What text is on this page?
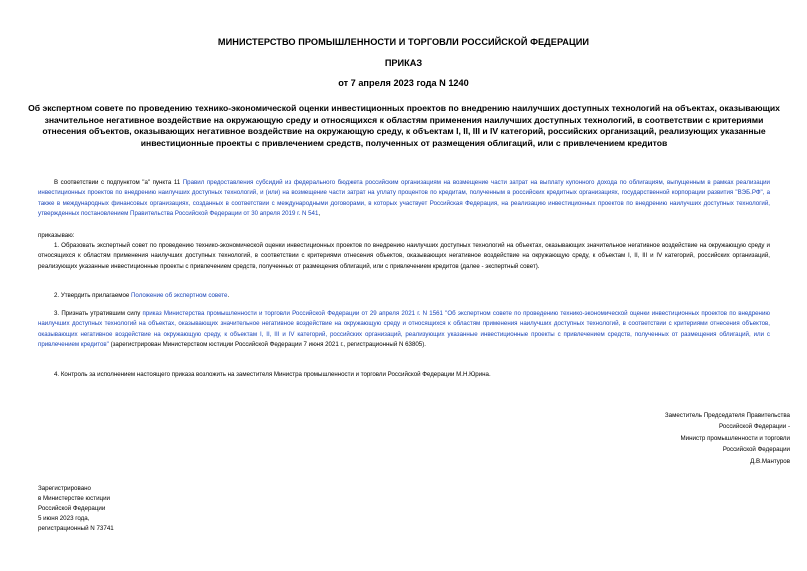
МИНИСТЕРСТВО ПРОМЫШЛЕННОСТИ И ТОРГОВЛИ РОССИЙСКОЙ ФЕДЕРАЦИИ
ПРИКАЗ
от 7 апреля 2023 года N 1240
Об экспертном совете по проведению технико-экономической оценки инвестиционных проектов по внедрению наилучших доступных технологий на объектах, оказывающих значительное негативное воздействие на окружающую среду и относящихся к областям применения наилучших доступных технологий, в соответствии с критериями отнесения объектов, оказывающих негативное воздействие на окружающую среду, к объектам I, II, III и IV категорий, российских организаций, реализующих указанные инвестиционные проекты с привлечением средств, полученных от размещения облигаций, или с привлечением кредитов
В соответствии с подпунктом "а" пункта 11 Правил предоставления субсидий из федерального бюджета российским организациям на возмещение части затрат на выплату купонного дохода по облигациям, выпущенным в рамках реализации инвестиционных проектов по внедрению наилучших доступных технологий, и (или) на возмещение части затрат на уплату процентов по кредитам, полученным в российских кредитных организациях, государственной корпорации развития "ВЭБ.РФ", а также в международных финансовых организациях, созданных в соответствии с международными договорами, в которых участвует Российская Федерация, на реализацию инвестиционных проектов по внедрению наилучших доступных технологий, утвержденных постановлением Правительства Российской Федерации от 30 апреля 2019 г. N 541,
приказываю:
1. Образовать экспертный совет по проведению технико-экономической оценки инвестиционных проектов по внедрению наилучших доступных технологий на объектах, оказывающих значительное негативное воздействие на окружающую среду и относящихся к областям применения наилучших доступных технологий, в соответствии с критериями отнесения объектов, оказывающих негативное воздействие на окружающую среду, к объектам I, II, III и IV категорий, российских организаций, реализующих указанные инвестиционные проекты с привлечением средств, полученных от размещения облигаций, или с привлечением кредитов (далее - экспертный совет).
2. Утвердить прилагаемое Положение об экспертном совете.
3. Признать утратившим силу приказ Министерства промышленности и торговли Российской Федерации от 29 апреля 2021 г. N 1561 "Об экспертном совете по проведению технико-экономической оценки инвестиционных проектов по внедрению наилучших доступных технологий на объектах, оказывающих значительное негативное воздействие на окружающую среду и относящихся к областям применения наилучших доступных технологий, в соответствии с критериями отнесения объектов, оказывающих негативное воздействие на окружающую среду, к объектам I, II, III и IV категорий, российских организаций, реализующих указанные инвестиционные проекты с привлечением средств, полученных от размещения облигаций, или с привлечением кредитов" (зарегистрирован Министерством юстиции Российской Федерации 7 июня 2021 г., регистрационный N 63805).
4. Контроль за исполнением настоящего приказа возложить на заместителя Министра промышленности и торговли Российской Федерации М.Н.Юрина.
Заместитель Председателя Правительства
Российской Федерации -
Министр промышленности и торговли
Российской Федерации
Д.В.Мантуров
Зарегистрировано
в Министерстве юстиции
Российской Федерации
5 июня 2023 года,
регистрационный N 73741
